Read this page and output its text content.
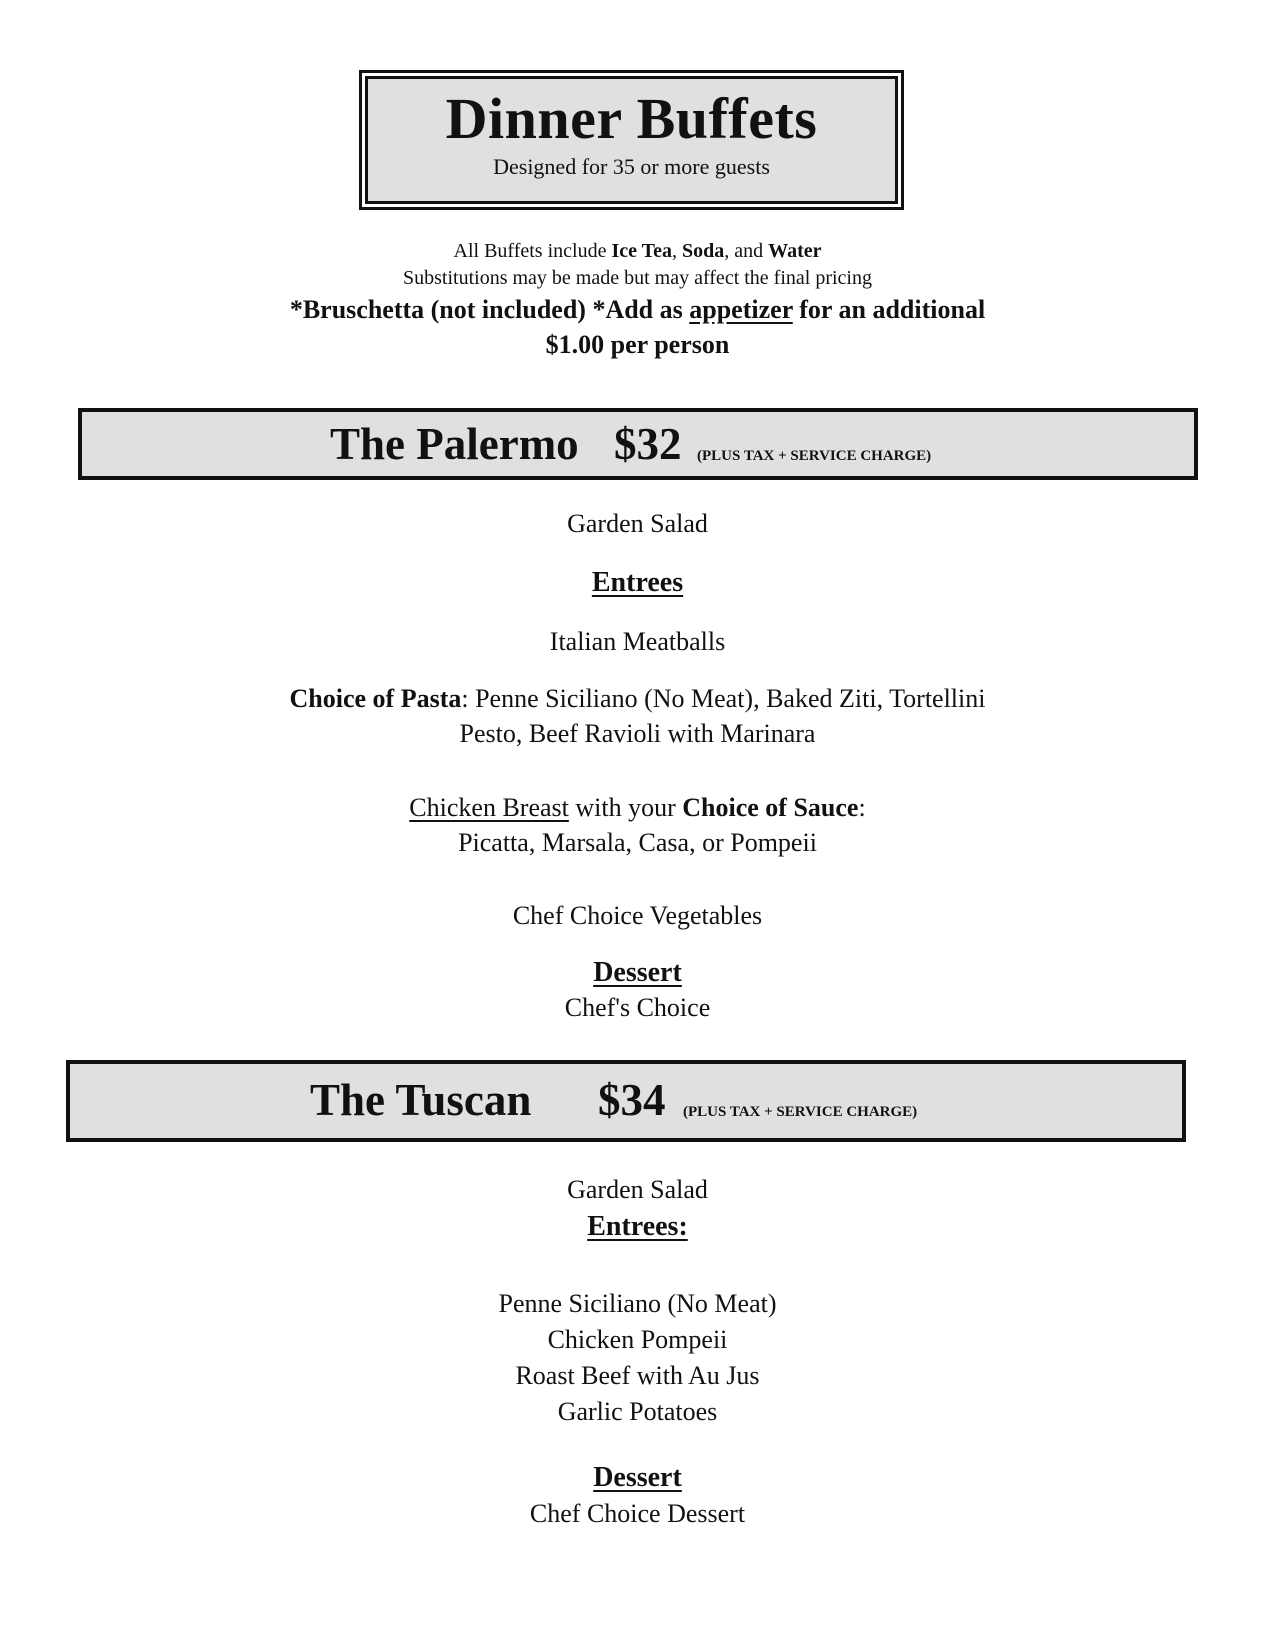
Dinner Buffets
Designed for 35 or more guests
All Buffets include Ice Tea, Soda, and Water
Substitutions may be made but may affect the final pricing
*Bruschetta (not included) *Add as appetizer for an additional
$1.00 per person
The Palermo $32 (PLUS TAX + SERVICE CHARGE)
Garden Salad
Entrees
Italian Meatballs
Choice of Pasta: Penne Siciliano (No Meat), Baked Ziti, Tortellini
Pesto, Beef Ravioli with Marinara
Chicken Breast with your Choice of Sauce:
Picatta, Marsala, Casa, or Pompeii
Chef Choice Vegetables
Dessert
Chef's Choice
The Tuscan $34 (PLUS TAX + SERVICE CHARGE)
Garden Salad
Entrees:
Penne Siciliano (No Meat)
Chicken Pompeii
Roast Beef with Au Jus
Garlic Potatoes
Dessert
Chef Choice Dessert
